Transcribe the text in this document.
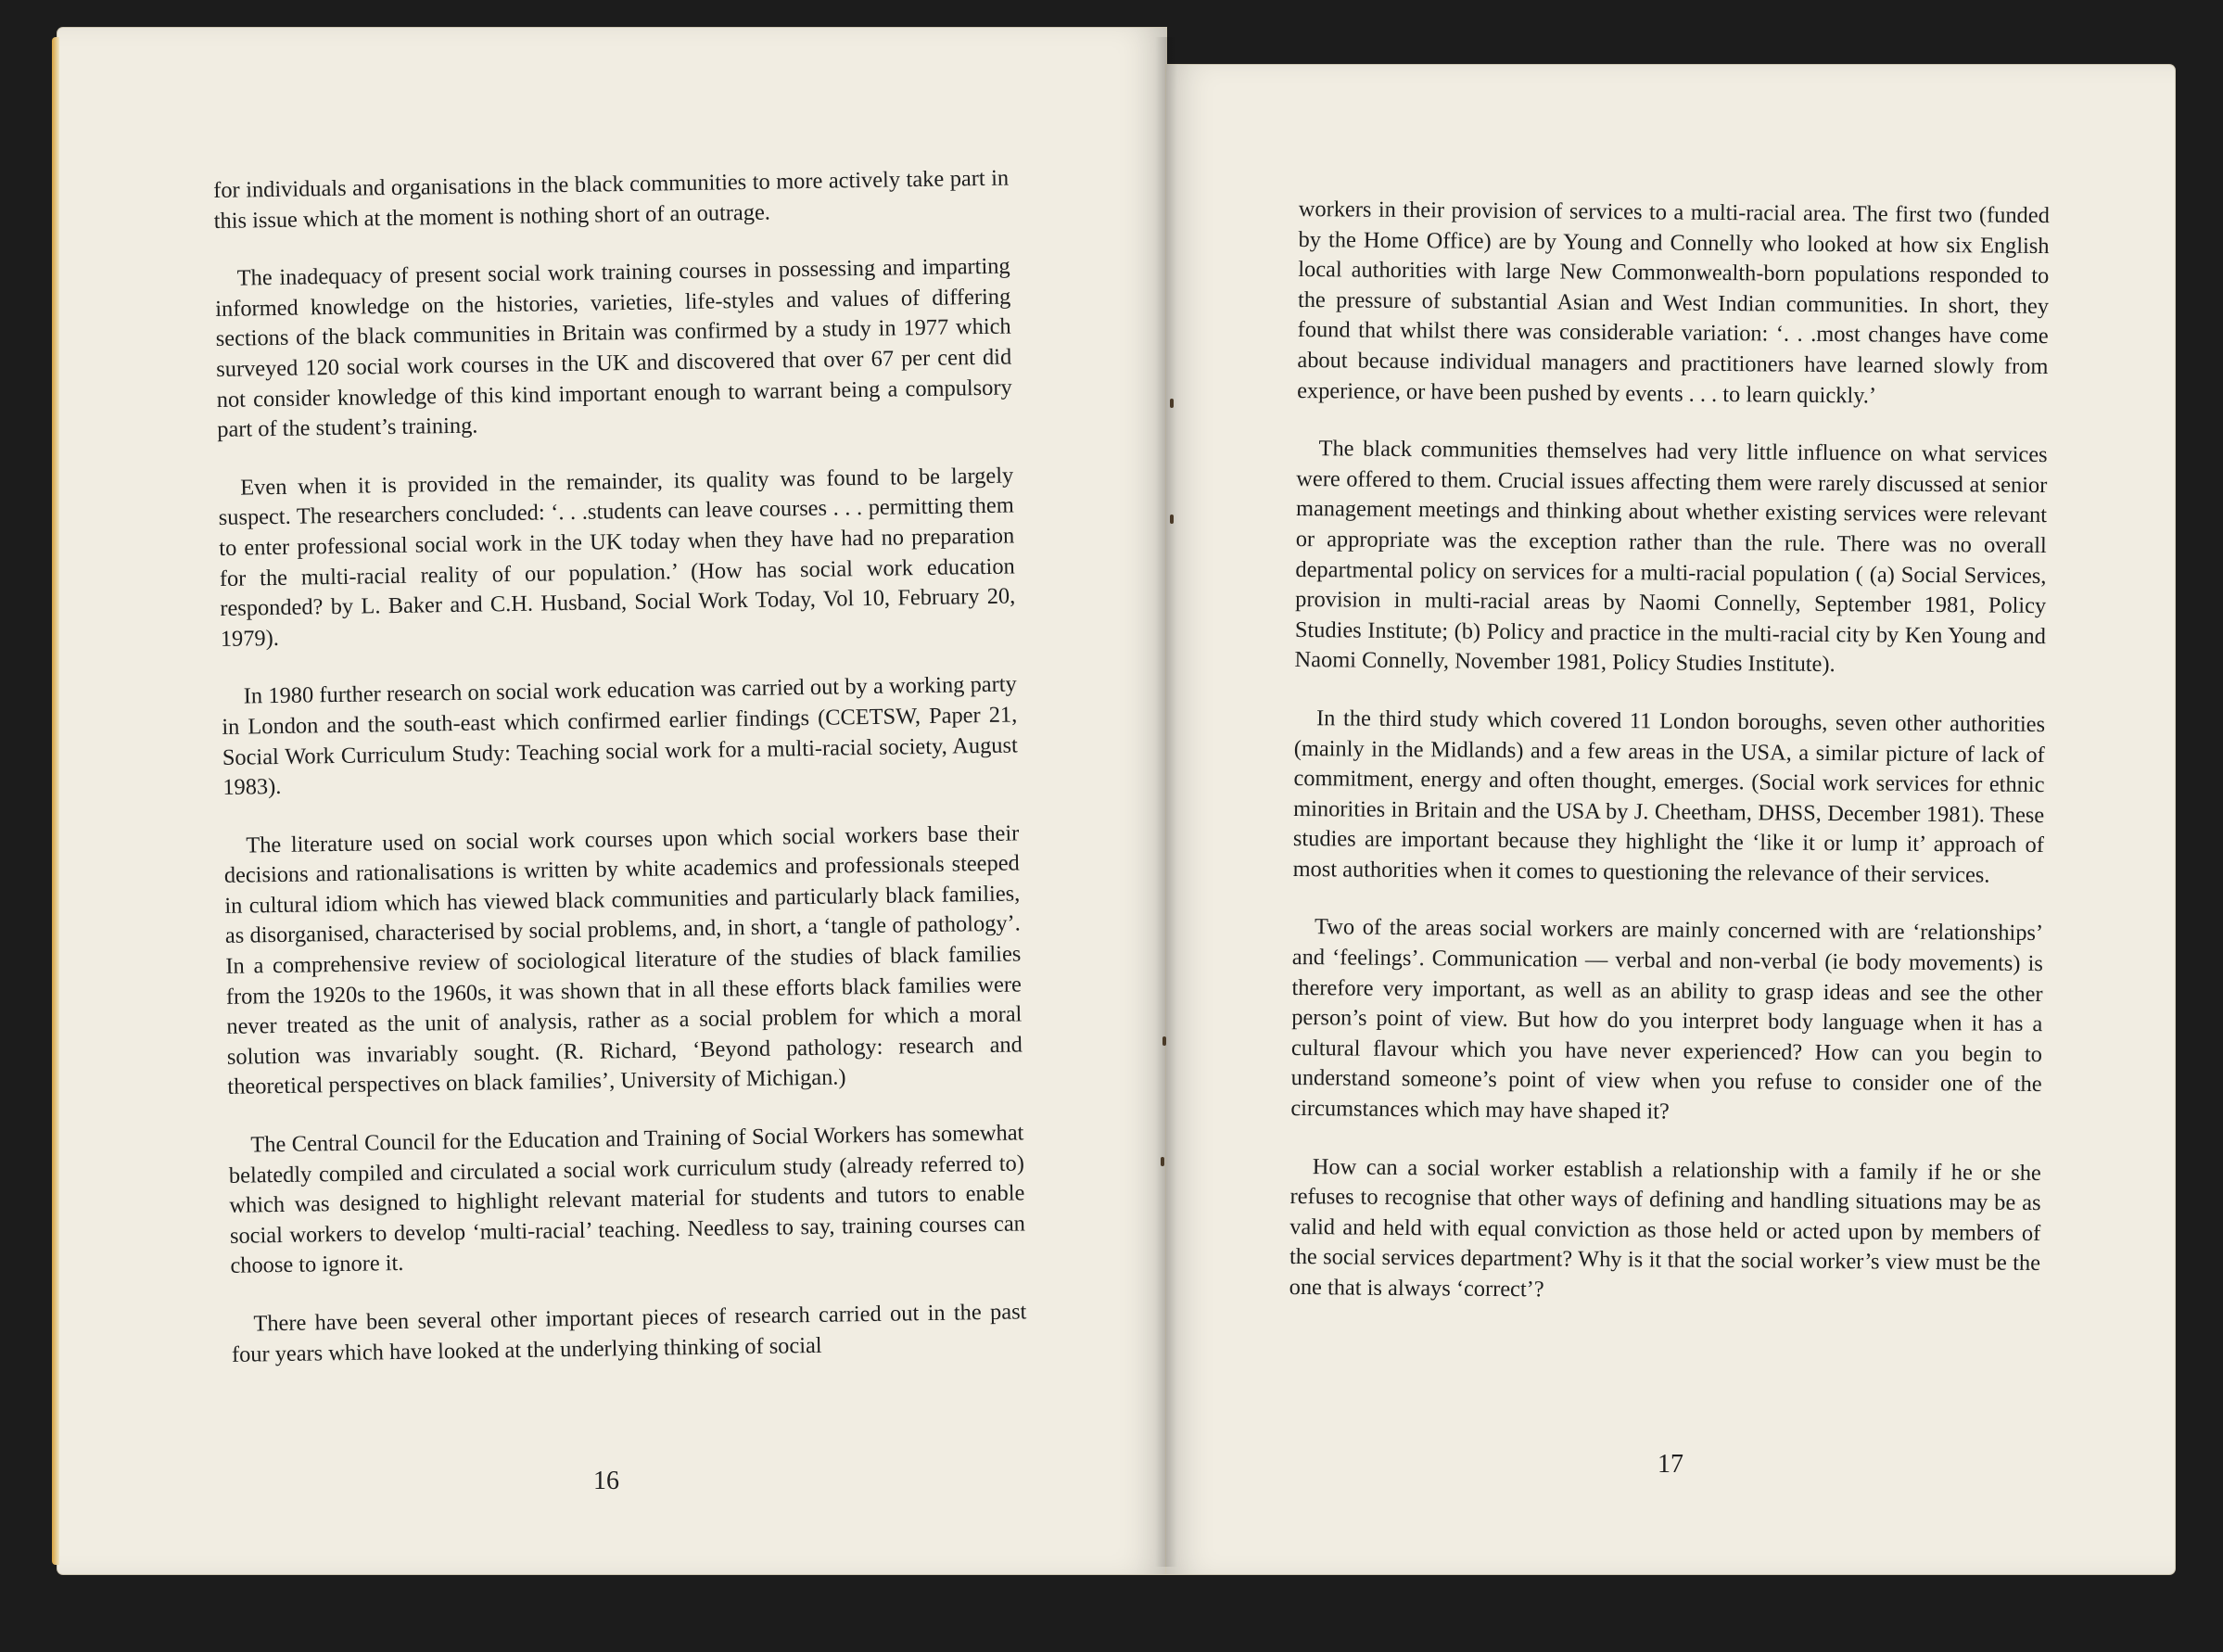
for individuals and organisations in the black communities to more actively take part in this issue which at the moment is nothing short of an outrage.

The inadequacy of present social work training courses in possessing and imparting informed knowledge on the histories, varieties, life-styles and values of differing sections of the black communities in Britain was confirmed by a study in 1977 which surveyed 120 social work courses in the UK and discovered that over 67 per cent did not consider knowledge of this kind important enough to warrant being a compulsory part of the student’s training.

Even when it is provided in the remainder, its quality was found to be largely suspect. The researchers concluded: ‘. . .students can leave courses . . . permitting them to enter professional social work in the UK today when they have had no preparation for the multi-racial reality of our population.’ (How has social work education responded? by L. Baker and C.H. Husband, Social Work Today, Vol 10, February 20, 1979).

In 1980 further research on social work education was carried out by a working party in London and the south-east which confirmed earlier findings (CCETSW, Paper 21, Social Work Curriculum Study: Teaching social work for a multi-racial society, August 1983).

The literature used on social work courses upon which social workers base their decisions and rationalisations is written by white academics and professionals steeped in cultural idiom which has viewed black communities and particularly black families, as disorganised, characterised by social problems, and, in short, a ‘tangle of pathology’. In a comprehensive review of sociological literature of the studies of black families from the 1920s to the 1960s, it was shown that in all these efforts black families were never treated as the unit of analysis, rather as a social problem for which a moral solution was invariably sought. (R. Richard, ‘Beyond pathology: research and theoretical perspectives on black families’, University of Michigan.)

The Central Council for the Education and Training of Social Workers has somewhat belatedly compiled and circulated a social work curriculum study (already referred to) which was designed to highlight relevant material for students and tutors to enable social workers to develop ‘multi-racial’ teaching. Needless to say, training courses can choose to ignore it.

There have been several other important pieces of research carried out in the past four years which have looked at the underlying thinking of social

16

workers in their provision of services to a multi-racial area. The first two (funded by the Home Office) are by Young and Connelly who looked at how six English local authorities with large New Commonwealth-born populations responded to the pressure of substantial Asian and West Indian communities. In short, they found that whilst there was considerable variation: ‘. . .most changes have come about because individual managers and practitioners have learned slowly from experience, or have been pushed by events . . . to learn quickly.’

The black communities themselves had very little influence on what services were offered to them. Crucial issues affecting them were rarely discussed at senior management meetings and thinking about whether existing services were relevant or appropriate was the exception rather than the rule. There was no overall departmental policy on services for a multi-racial population ( (a) Social Services, provision in multi-racial areas by Naomi Connelly, September 1981, Policy Studies Institute; (b) Policy and practice in the multi-racial city by Ken Young and Naomi Connelly, November 1981, Policy Studies Institute).

In the third study which covered 11 London boroughs, seven other authorities (mainly in the Midlands) and a few areas in the USA, a similar picture of lack of commitment, energy and often thought, emerges. (Social work services for ethnic minorities in Britain and the USA by J. Cheetham, DHSS, December 1981). These studies are important because they highlight the ‘like it or lump it’ approach of most authorities when it comes to questioning the relevance of their services.

Two of the areas social workers are mainly concerned with are ‘relationships’ and ‘feelings’. Communication — verbal and non-verbal (ie body movements) is therefore very important, as well as an ability to grasp ideas and see the other person’s point of view. But how do you interpret body language when it has a cultural flavour which you have never experienced? How can you begin to understand someone’s point of view when you refuse to consider one of the circumstances which may have shaped it?

How can a social worker establish a relationship with a family if he or she refuses to recognise that other ways of defining and handling situations may be as valid and held with equal conviction as those held or acted upon by members of the social services department? Why is it that the social worker’s view must be the one that is always ‘correct’?

17
